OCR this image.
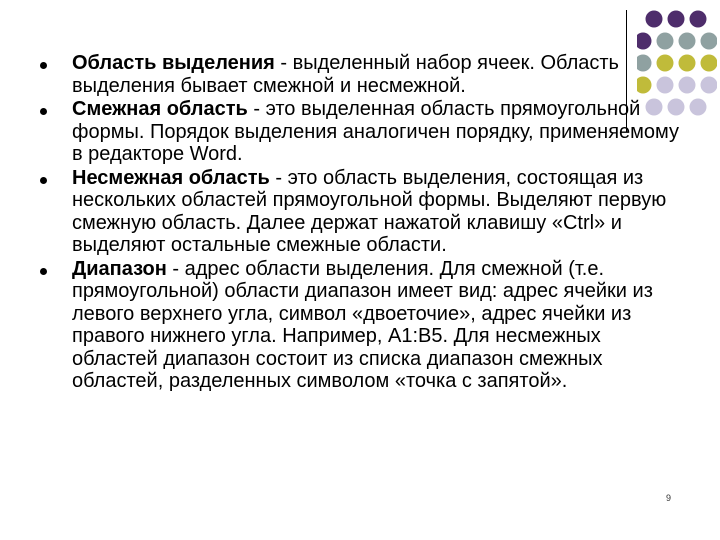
Область выделения - выделенный набор ячеек. Область выделения бывает смежной и несмежной.
Смежная область - это выделенная область прямоугольной формы. Порядок выделения аналогичен порядку, применяемому в редакторе Word.
Несмежная область - это область выделения, состоящая из нескольких областей прямоугольной формы. Выделяют первую смежную область. Далее держат нажатой клавишу «Ctrl» и выделяют остальные смежные области.
Диапазон - адрес области выделения. Для смежной (т.е. прямоугольной) области диапазон имеет вид: адрес ячейки из левого верхнего угла, символ «двоеточие», адрес ячейки из правого нижнего угла. Например, А1:В5. Для несмежных областей диапазон состоит из списка диапазон смежных областей, разделенных символом «точка с запятой».
9
